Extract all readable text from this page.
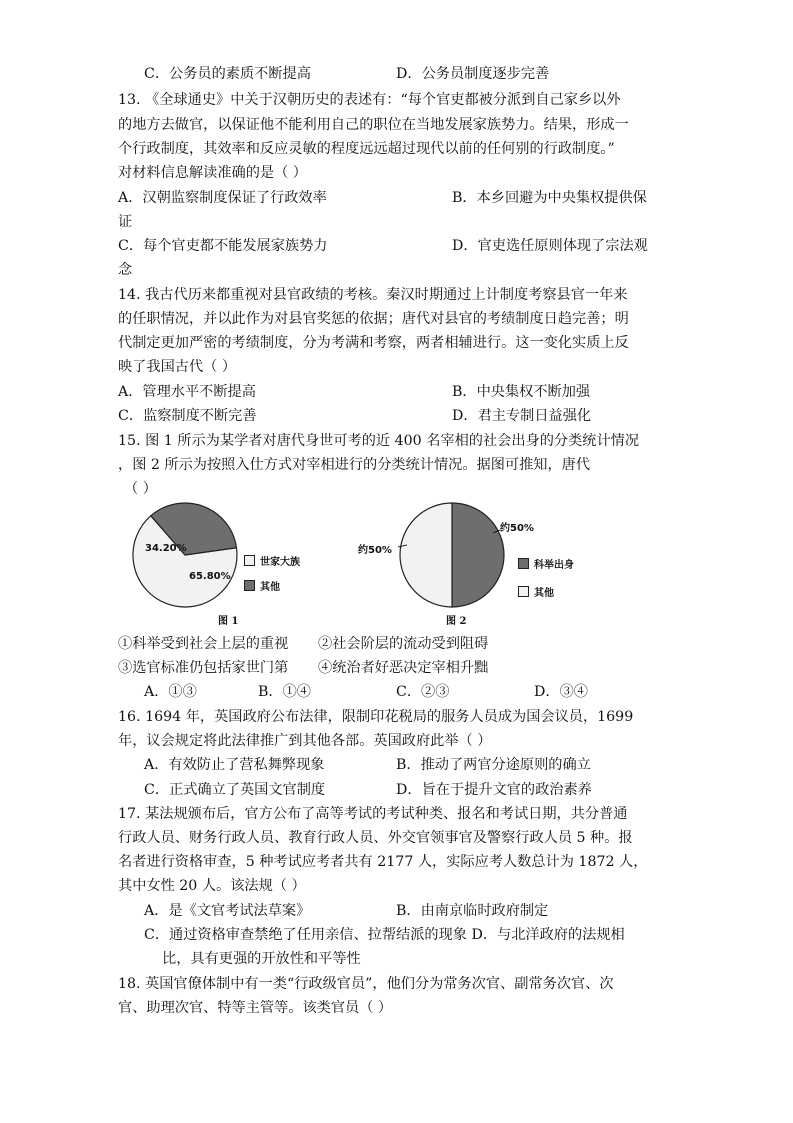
C．公务员的素质不断提高	D．公务员制度逐步完善
13. 《全球通史》中关于汉朝历史的表述有：“每个官吏都被分派到自己家乡以外
的地方去做官，以保证他不能利用自己的职位在当地发展家族势力。结果，形成一
个行政制度，其效率和反应灵敏的程度远远超过现代以前的任何别的行政制度。”
对材料信息解读准确的是（ ）
A．汉朝监察制度保证了行政效率	B．本乡回避为中央集权提供保
证
C．每个官吏都不能发展家族势力	D．官吏选任原则体现了宗法观
念
14. 我古代历来都重视对县官政绩的考核。秦汉时期通过上计制度考察县官一年来
的任职情况，并以此作为对县官奖惩的依据；唐代对县官的考绩制度日趋完善；明
代制定更加严密的考绩制度，分为考满和考察，两者相辅进行。这一变化实质上反
映了我国古代（ ）
A．管理水平不断提高	B．中央集权不断加强
C．监察制度不断完善	D．君主专制日益强化
15. 图 1 所示为某学者对唐代身世可考的近 400 名宰相的社会出身的分类统计情况
，图 2 所示为按照入仕方式对宰相进行的分类统计情况。据图可推知，唐代
（ ）
34.20%
65.80%
世家大族
其他
图 1
约50%
约50%
科举出身
其他
图 2
①科举受到社会上层的重视 ②社会阶层的流动受到阻碍
③选官标准仍包括家世门第 ④统治者好恶决定宰相升黜
A．①③	B．①④	C．②③	D．③④
16. 1694 年，英国政府公布法律，限制印花税局的服务人员成为国会议员，1699
年，议会规定将此法律推广到其他各部。英国政府此举（ ）
A．有效防止了营私舞弊现象	B．推动了两官分途原则的确立
C．正式确立了英国文官制度	D．旨在于提升文官的政治素养
17. 某法规颁布后，官方公布了高等考试的考试种类、报名和考试日期，共分普通
行政人员、财务行政人员、教育行政人员、外交官领事官及警察行政人员 5 种。报
名者进行资格审查，5 种考试应考者共有 2177 人，实际应考人数总计为 1872 人，
其中女性 20 人。该法规（ ）
A．是《文官考试法草案》	B．由南京临时政府制定
C．通过资格审查禁绝了任用亲信、拉帮结派的现象 D．与北洋政府的法规相
比，具有更强的开放性和平等性
18. 英国官僚体制中有一类“行政级官员”，他们分为常务次官、副常务次官、次
官、助理次官、特等主管等。该类官员（ ）
